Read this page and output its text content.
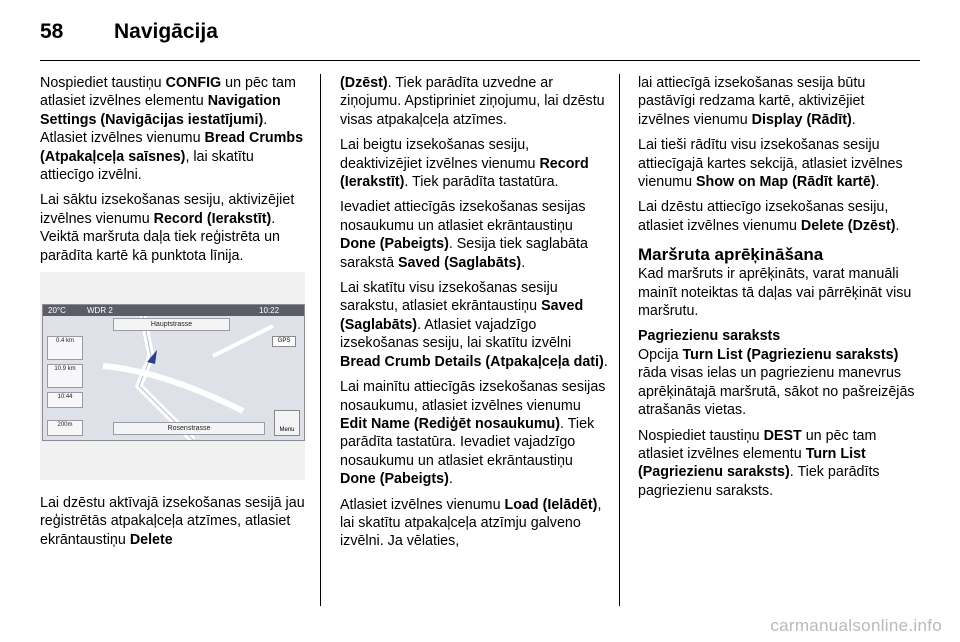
58 Navigācija

Nospiediet taustiņu CONFIG un pēc tam atlasiet izvēlnes elementu Navigation Settings (Navigācijas iestatījumi). Atlasiet izvēlnes vienumu Bread Crumbs (Atpakaļceļa saīsnes), lai skatītu attiecīgo izvēlni.

Lai sāktu izsekošanas sesiju, aktivizējiet izvēlnes vienumu Record (Ierakstīt). Veiktā maršruta daļa tiek reģistrēta un parādīta kartē kā punktota līnija.

20°C	WDR 2	10:22
Hauptstrasse
GPS
0.4 km
10.9 km
10:44
200m	Rosenstrasse	Menu

Lai dzēstu aktīvajā izsekošanas sesijā jau reģistrētās atpakaļceļa atzīmes, atlasiet ekrāntaustiņu Delete

(Dzēst). Tiek parādīta uzvedne ar ziņojumu. Apstipriniet ziņojumu, lai dzēstu visas atpakaļceļa atzīmes.

Lai beigtu izsekošanas sesiju, deaktivizējiet izvēlnes vienumu Record (Ierakstīt). Tiek parādīta tastatūra.

Ievadiet attiecīgās izsekošanas sesijas nosaukumu un atlasiet ekrāntaustiņu Done (Pabeigts). Sesija tiek saglabāta sarakstā Saved (Saglabāts).

Lai skatītu visu izsekošanas sesiju sarakstu, atlasiet ekrāntaustiņu Saved (Saglabāts). Atlasiet vajadzīgo izsekošanas sesiju, lai skatītu izvēlni Bread Crumb Details (Atpakaļceļa dati).

Lai mainītu attiecīgās izsekošanas sesijas nosaukumu, atlasiet izvēlnes vienumu Edit Name (Rediģēt nosaukumu). Tiek parādīta tastatūra. Ievadiet vajadzīgo nosaukumu un atlasiet ekrāntaustiņu Done (Pabeigts).

Atlasiet izvēlnes vienumu Load (Ielādēt), lai skatītu atpakaļceļa atzīmju galveno izvēlni. Ja vēlaties,

lai attiecīgā izsekošanas sesija būtu pastāvīgi redzama kartē, aktivizējiet izvēlnes vienumu Display (Rādīt).

Lai tieši rādītu visu izsekošanas sesiju attiecīgajā kartes sekcijā, atlasiet izvēlnes vienumu Show on Map (Rādīt kartē).

Lai dzēstu attiecīgo izsekošanas sesiju, atlasiet izvēlnes vienumu Delete (Dzēst).

Maršruta aprēķināšana

Kad maršruts ir aprēķināts, varat manuāli mainīt noteiktas tā daļas vai pārrēķināt visu maršrutu.

Pagriezienu saraksts

Opcija Turn List (Pagriezienu saraksts) rāda visas ielas un pagriezienu manevrus aprēķinātajā maršrutā, sākot no pašreizējās atrašanās vietas.

Nospiediet taustiņu DEST un pēc tam atlasiet izvēlnes elementu Turn List (Pagriezienu saraksts). Tiek parādīts pagriezienu saraksts.

carmanualsonline.info
